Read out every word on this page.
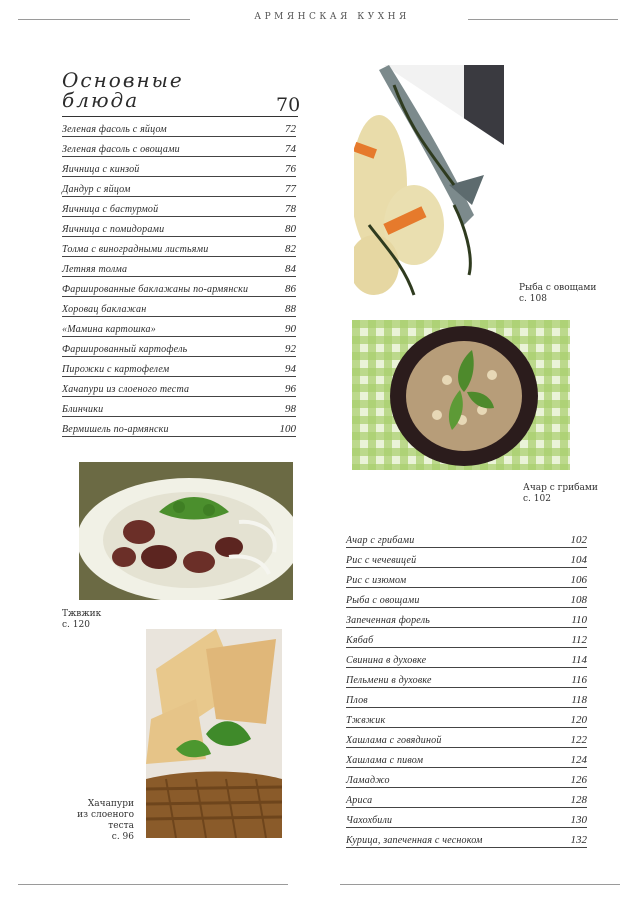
АРМЯНСКАЯ КУХНЯ
Основные
блюда	70
Зеленая фасоль с яйцом	72
Зеленая фасоль с овощами	74
Яичница с кинзой	76
Дандур с яйцом	77
Яичница с бастурмой	78
Яичница с помидорами	80
Толма с виноградными листьями	82
Летняя толма	84
Фаршированные баклажаны по-армянски	86
Хоровац баклажан	88
«Мамина картошка»	90
Фаршированный картофель	92
Пирожки с картофелем	94
Хачапури из слоеного теста	96
Блинчики	98
Вермишель по-армянски	100
Ачар с грибами	102
Рис с чечевицей	104
Рис с изюмом	106
Рыба с овощами	108
Запеченная форель	110
Кябаб	112
Свинина в духовке	114
Пельмени в духовке	116
Плов	118
Тжвжик	120
Хашлама с говядиной	122
Хашлама с пивом	124
Ламаджо	126
Ариса	128
Чахохбили	130
Курица, запеченная с чесноком	132
Рыба с овощами
с. 108
Ачар с грибами
с. 102
Тжвжик
с. 120
Хачапури
из слоеного
теста
с. 96
